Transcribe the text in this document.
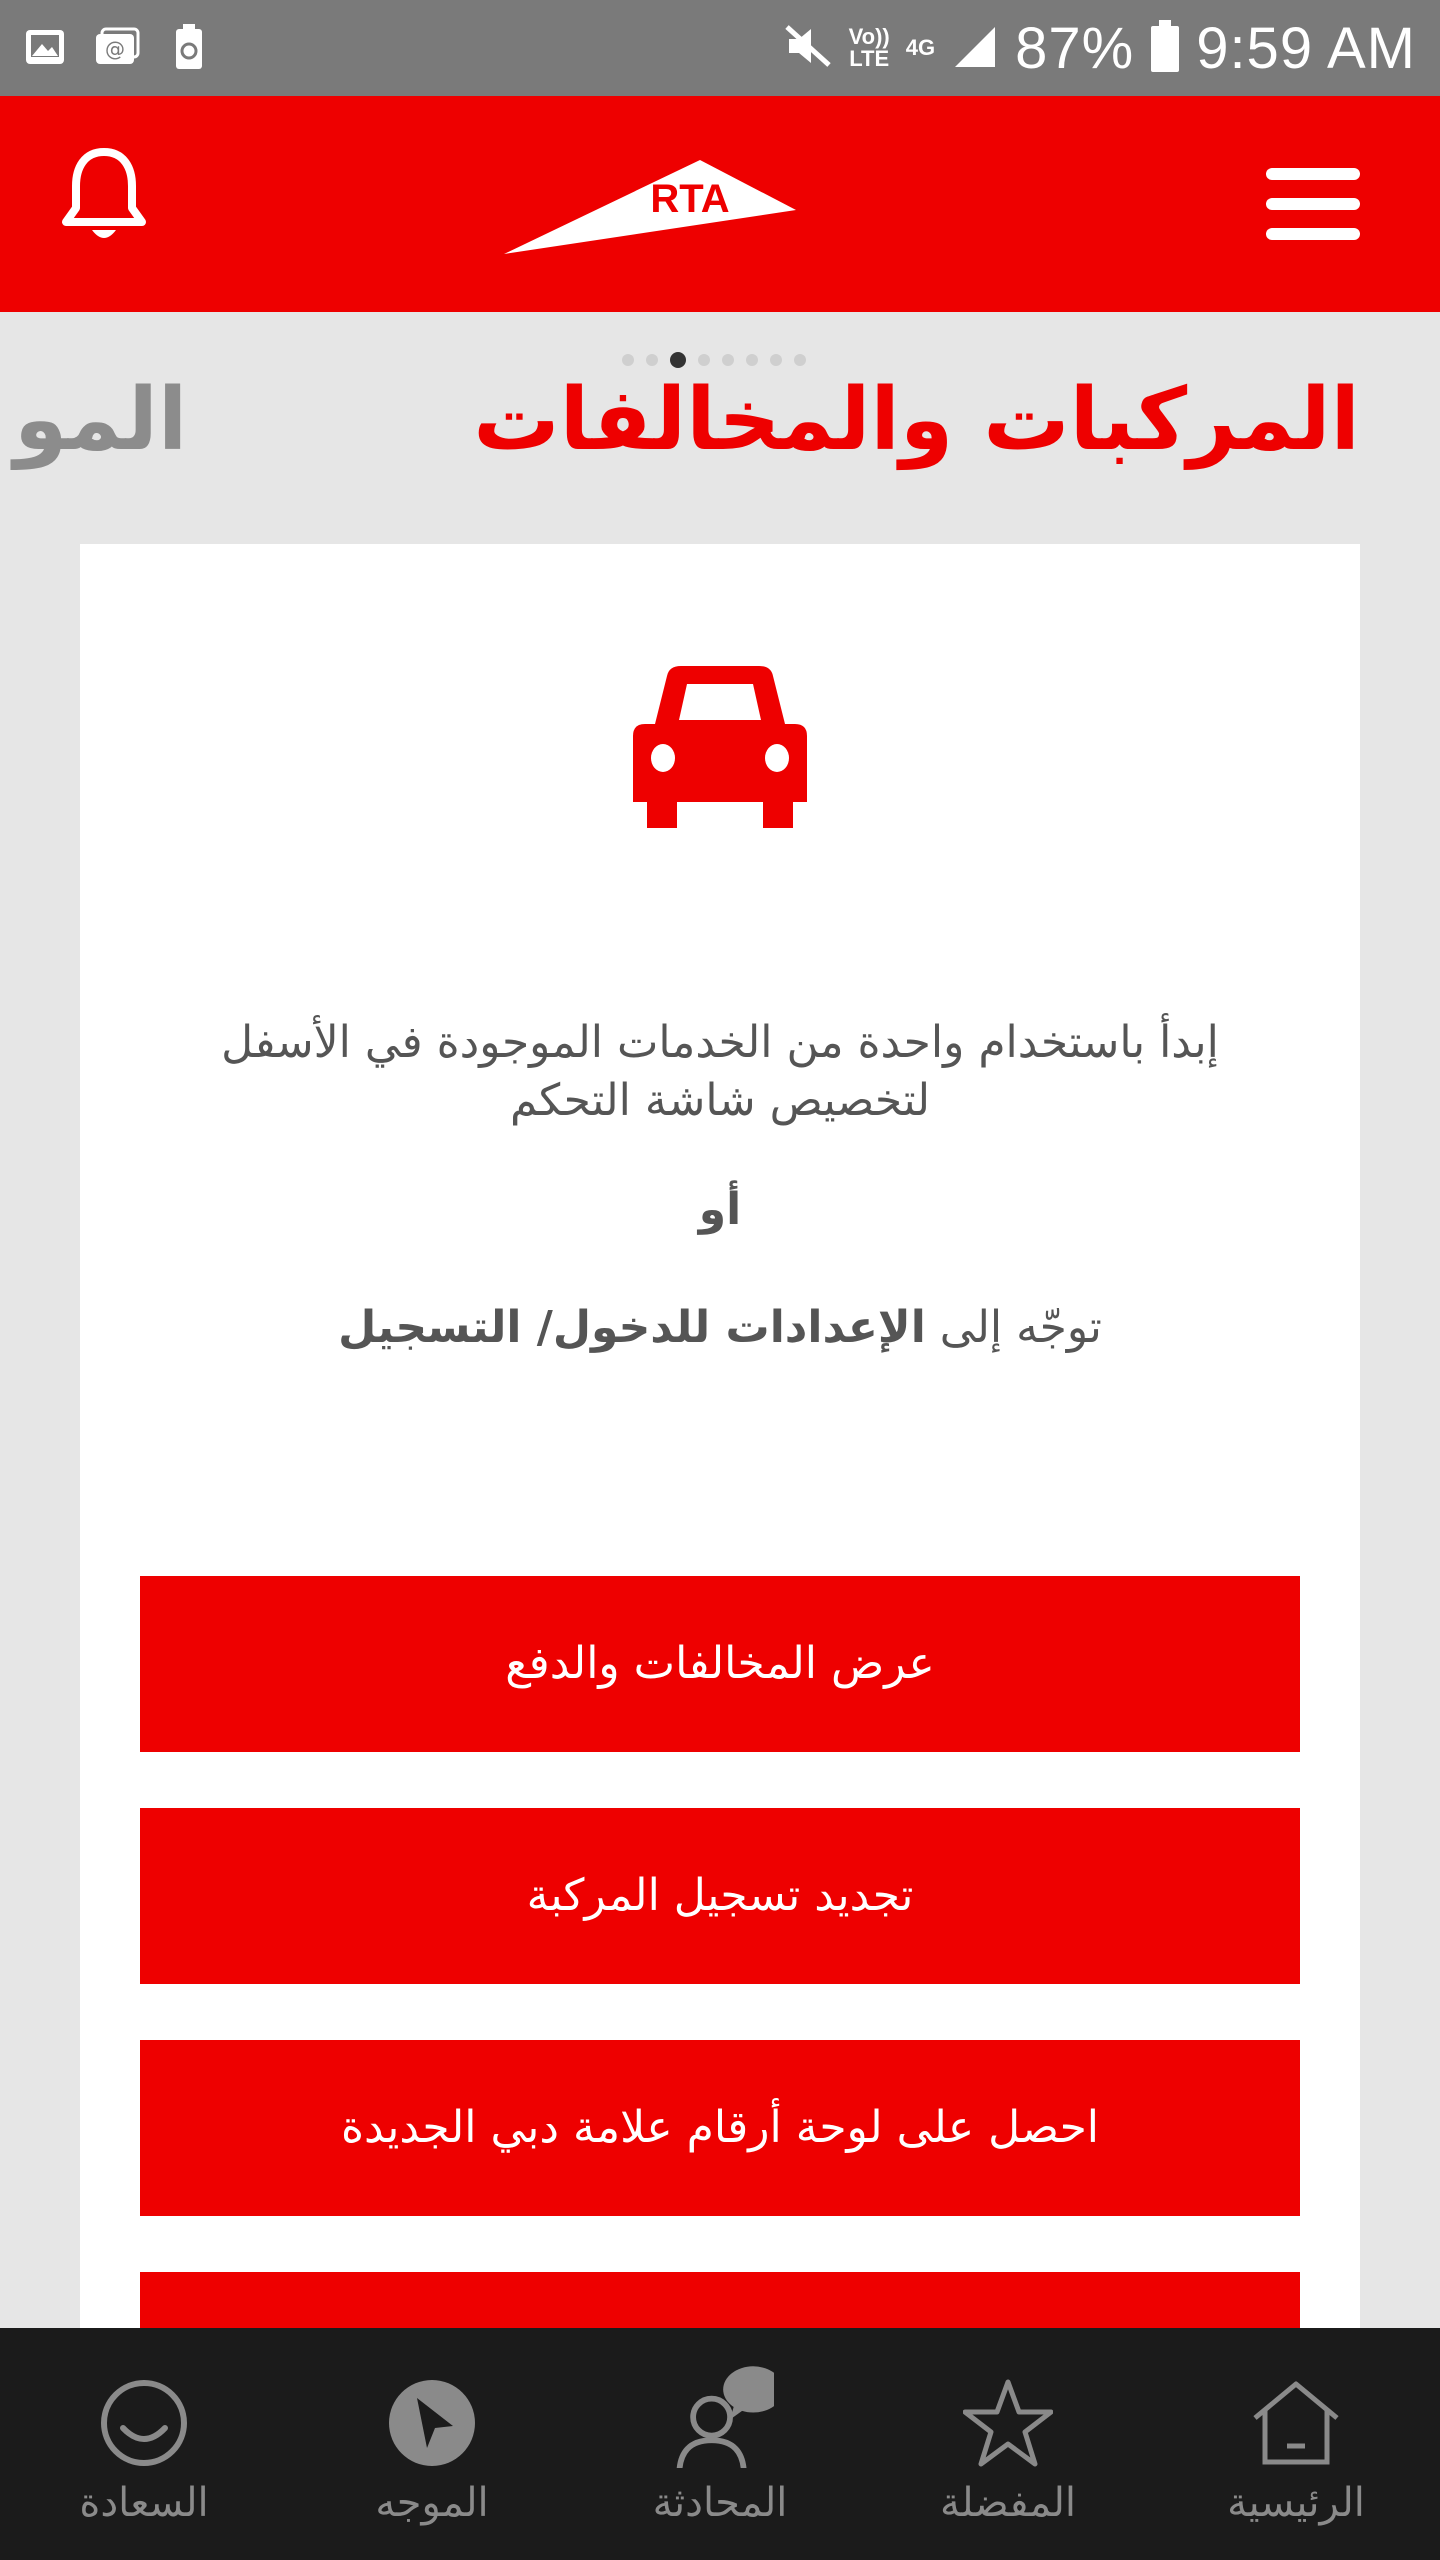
@	Vo))
LTE 4G 87% 9:59 AM
RTA
المركبات والمخالفات
المو
إبدأ باستخدام واحدة من الخدمات الموجودة في الأسفل
لتخصيص شاشة التحكم
أو
توجّه إلى الإعدادات للدخول/ التسجيل
عرض المخالفات والدفع
تجديد تسجيل المركبة
احصل على لوحة أرقام علامة دبي الجديدة
السعادة	الموجه	المحادثة	المفضلة	الرئيسية
